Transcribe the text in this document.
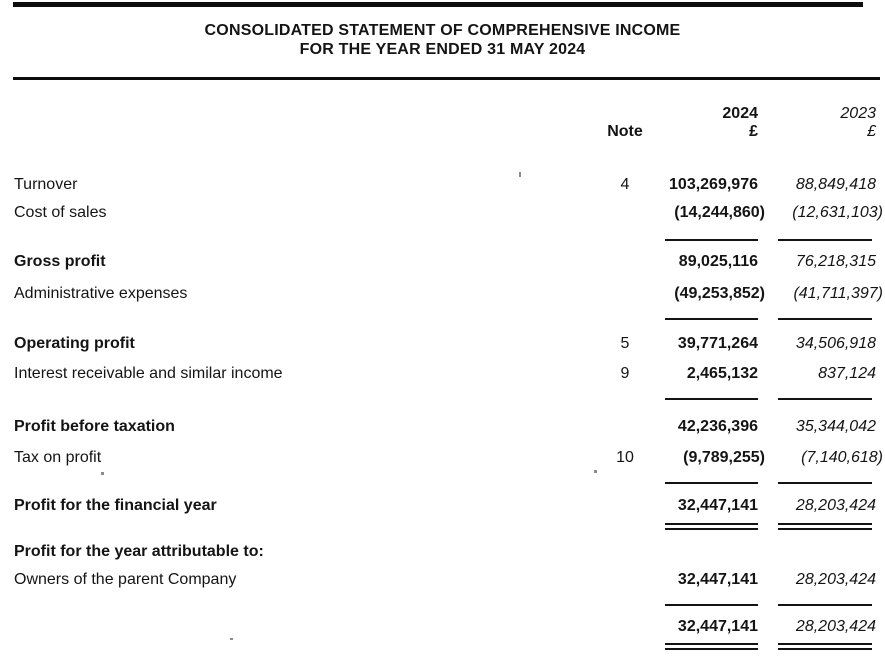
CONSOLIDATED STATEMENT OF COMPREHENSIVE INCOME
FOR THE YEAR ENDED 31 MAY 2024
2024	2023
Note	£	£
Turnover	4	103,269,976	88,849,418
Cost of sales	(14,244,860)	(12,631,103)
Gross profit	89,025,116	76,218,315
Administrative expenses	(49,253,852)	(41,711,397)
Operating profit	5	39,771,264	34,506,918
Interest receivable and similar income	9	2,465,132	837,124
Profit before taxation	42,236,396	35,344,042
Tax on profit	10	(9,789,255)	(7,140,618)
Profit for the financial year	32,447,141	28,203,424
Profit for the year attributable to:
Owners of the parent Company	32,447,141	28,203,424
32,447,141	28,203,424
